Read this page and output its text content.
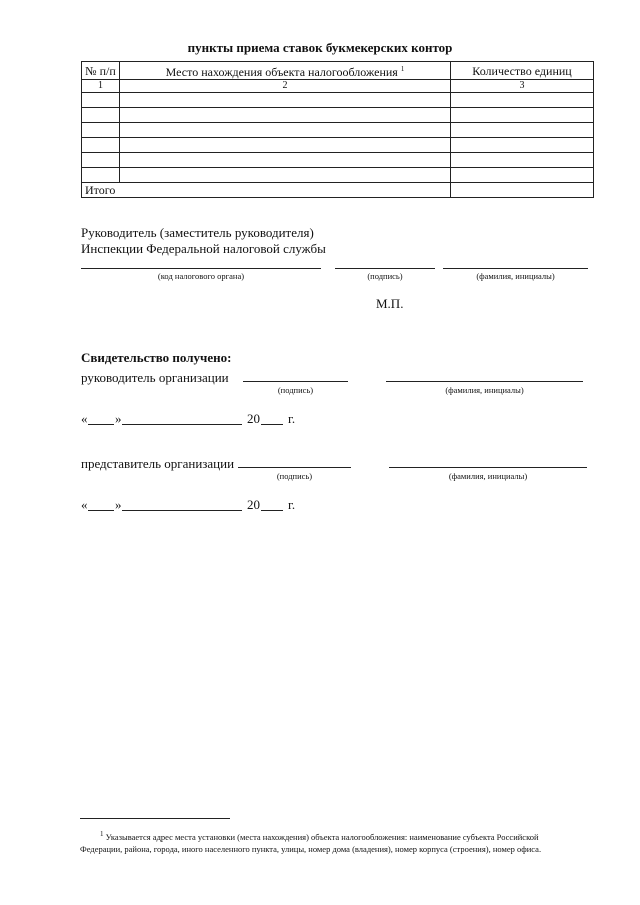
пункты приема ставок букмекерских контор
№ п/п	Место нахождения объекта налогообложения $^1$	Количество единиц
1	2	3

Итого		
Руководитель (заместитель руководителя)
Инспекции Федеральной налоговой службы
(код налогового органа)	(подпись)	(фамилия, инициалы)
М.П.
Свидетельство получено:
руководитель организации
(подпись)	(фамилия, инициалы)
« »	20 г.
представитель организации
(подпись)	(фамилия, инициалы)
« »	20 г.
$^1$ Указывается адрес места установки (места нахождения) объекта налогообложения: наименование субъекта Российской Федерации, района, города, иного населенного пункта, улицы, номер дома (владения), номер корпуса (строения), номер офиса.
